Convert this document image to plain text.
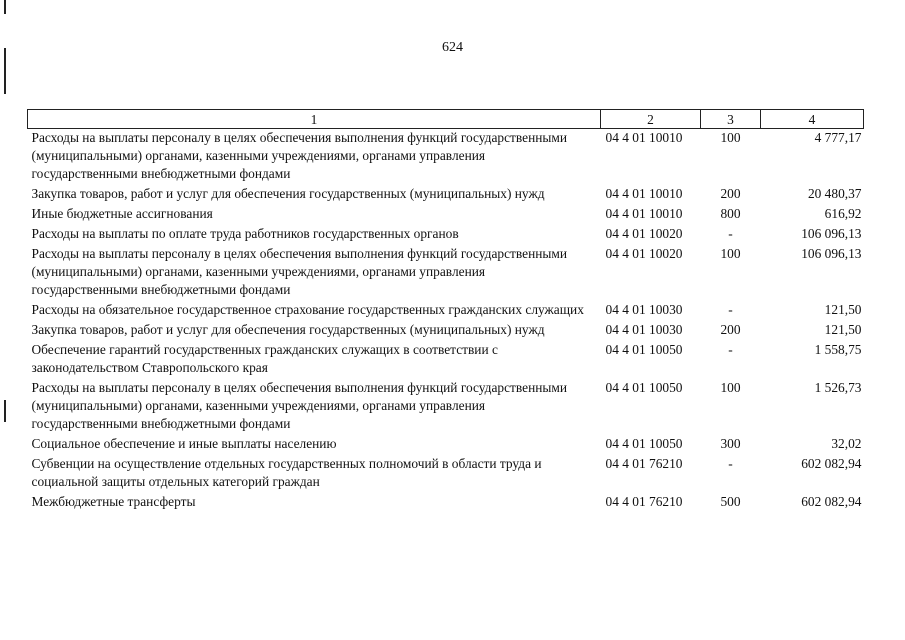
624
1	2	3	4
Расходы на выплаты персоналу в целях обеспечения выполнения функций государственными (муниципальными) органами, казенными учреждениями, органами управления государственными внебюджетными фондами	04 4 01 10010	100	4 777,17
Закупка товаров, работ и услуг для обеспечения государственных (муниципальных) нужд	04 4 01 10010	200	20 480,37
Иные бюджетные ассигнования	04 4 01 10010	800	616,92
Расходы на выплаты по оплате труда работников государственных органов	04 4 01 10020	-	106 096,13
Расходы на выплаты персоналу в целях обеспечения выполнения функций государственными (муниципальными) органами, казенными учреждениями, органами управления государственными внебюджетными фондами	04 4 01 10020	100	106 096,13
Расходы на обязательное государственное страхование государственных гражданских служащих	04 4 01 10030	-	121,50
Закупка товаров, работ и услуг для обеспечения государственных (муниципальных) нужд	04 4 01 10030	200	121,50
Обеспечение гарантий государственных гражданских служащих в соответствии с законодательством Ставропольского края	04 4 01 10050	-	1 558,75
Расходы на выплаты персоналу в целях обеспечения выполнения функций государственными (муниципальными) органами, казенными учреждениями, органами управления государственными внебюджетными фондами	04 4 01 10050	100	1 526,73
Социальное обеспечение и иные выплаты населению	04 4 01 10050	300	32,02
Субвенции на осуществление отдельных государственных полномочий в области труда и социальной защиты отдельных категорий граждан	04 4 01 76210	-	602 082,94
Межбюджетные трансферты	04 4 01 76210	500	602 082,94
